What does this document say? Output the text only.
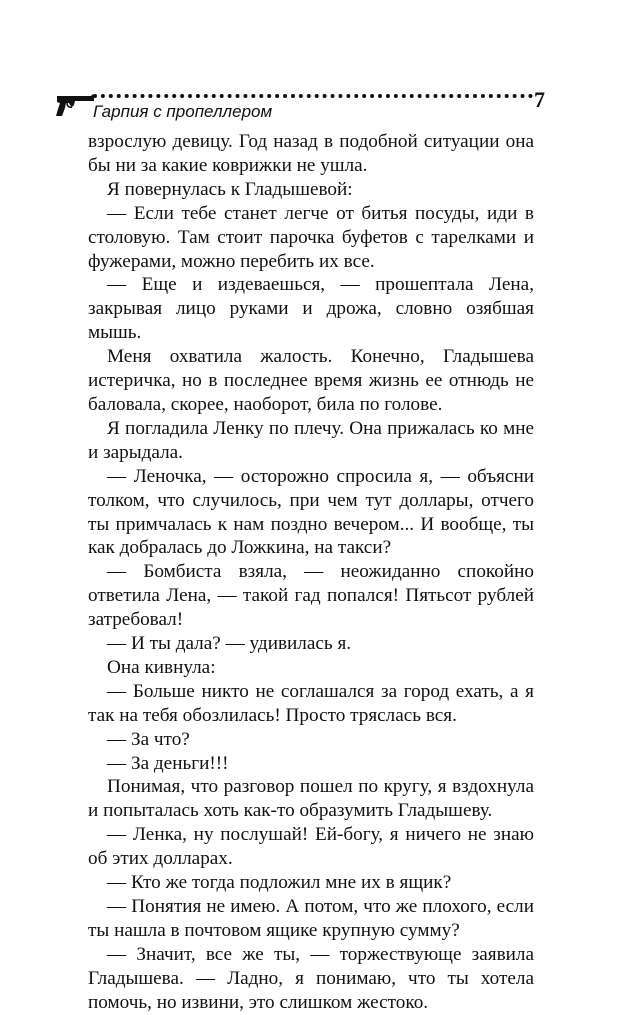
Гарпия с пропеллером	7

взрослую девицу. Год назад в подобной ситуации она бы ни за какие коврижки не ушла.

Я повернулась к Гладышевой:

— Если тебе станет легче от битья посуды, иди в столовую. Там стоит парочка буфетов с тарелками и фужерами, можно перебить их все.

— Еще и издеваешься, — прошептала Лена, закрывая лицо руками и дрожа, словно озябшая мышь.

Меня охватила жалость. Конечно, Гладышева истеричка, но в последнее время жизнь ее отнюдь не баловала, скорее, наоборот, била по голове.

Я погладила Ленку по плечу. Она прижалась ко мне и зарыдала.

— Леночка, — осторожно спросила я, — объясни толком, что случилось, при чем тут доллары, отчего ты примчалась к нам поздно вечером... И вообще, ты как добралась до Ложкина, на такси?

— Бомбиста взяла, — неожиданно спокойно ответила Лена, — такой гад попался! Пятьсот рублей затребовал!

— И ты дала? — удивилась я.

Она кивнула:

— Больше никто не соглашался за город ехать, а я так на тебя обозлилась! Просто тряслась вся.

— За что?

— За деньги!!!

Понимая, что разговор пошел по кругу, я вздохнула и попыталась хоть как-то образумить Гладышеву.

— Ленка, ну послушай! Ей-богу, я ничего не знаю об этих долларах.

— Кто же тогда подложил мне их в ящик?

— Понятия не имею. А потом, что же плохого, если ты нашла в почтовом ящике крупную сумму?

— Значит, все же ты, — торжествующе заявила Гладышева. — Ладно, я понимаю, что ты хотела помочь, но извини, это слишком жестоко.
